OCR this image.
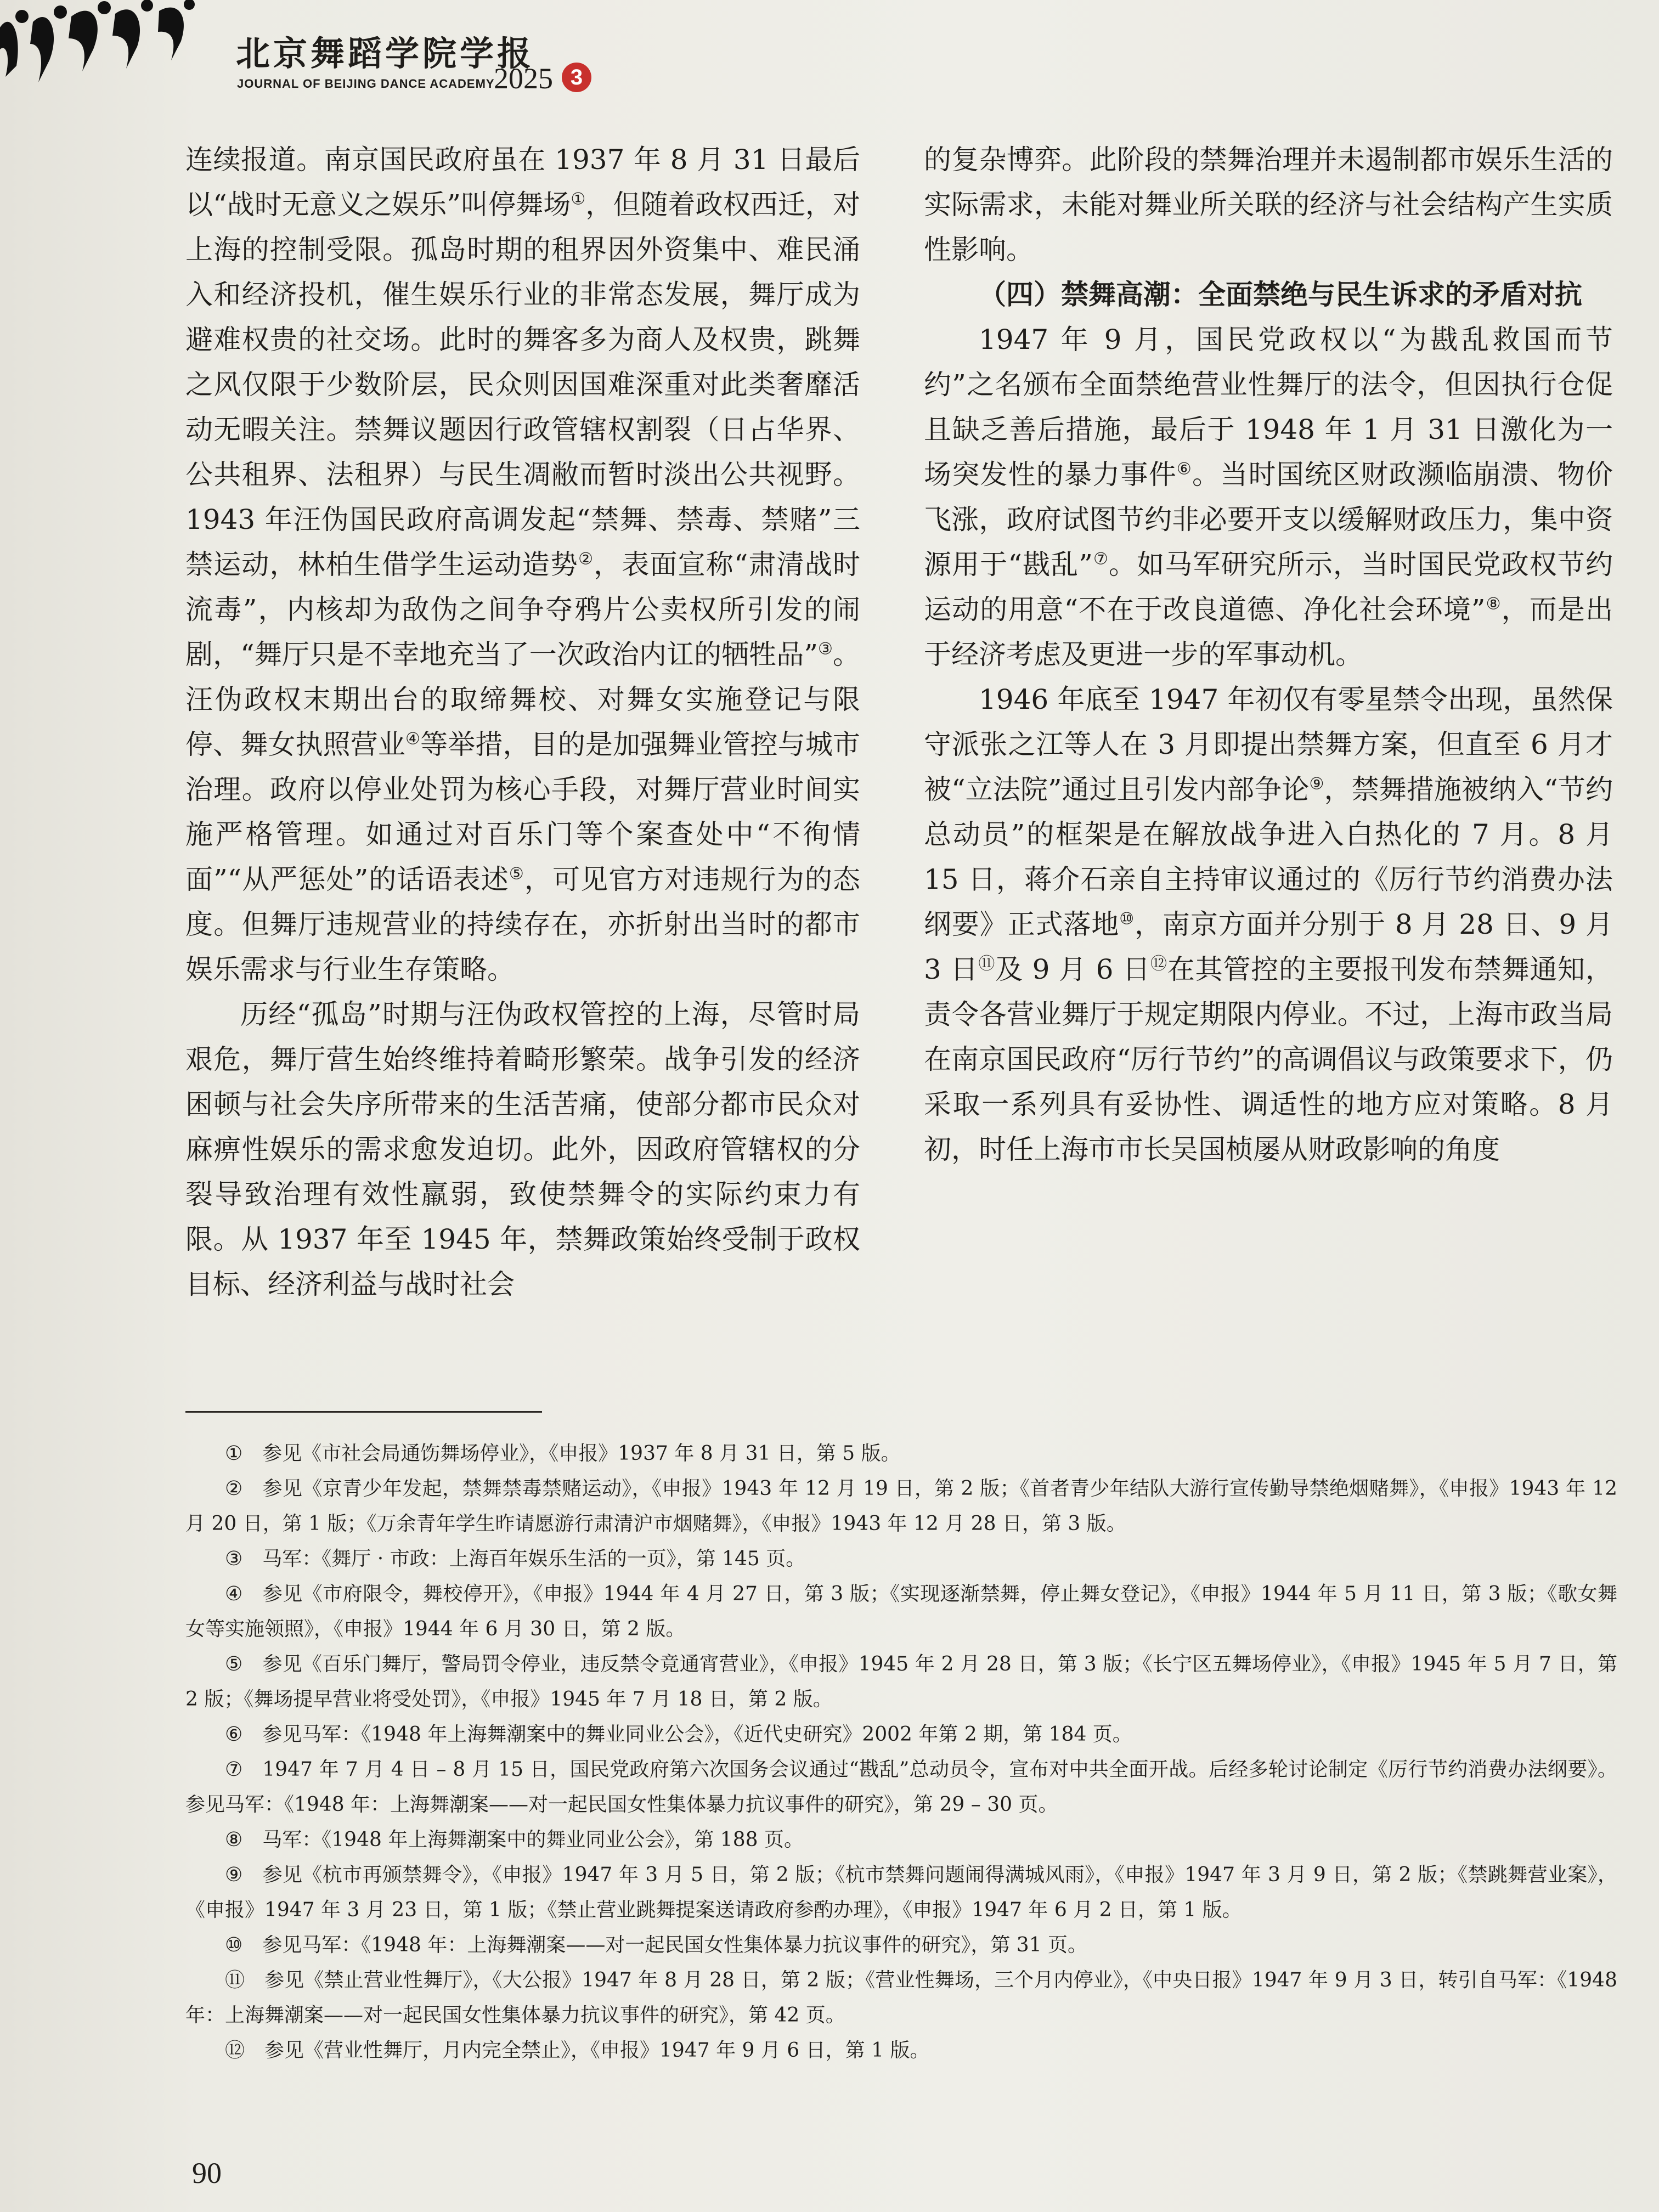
北京舞蹈学院学报
JOURNAL OF BEIJING DANCE ACADEMY
2025 3

连续报道。南京国民政府虽在 1937 年 8 月 31 日最后以“战时无意义之娱乐”叫停舞场①，但随着政权西迁，对上海的控制受限。孤岛时期的租界因外资集中、难民涌入和经济投机，催生娱乐行业的非常态发展，舞厅成为避难权贵的社交场。此时的舞客多为商人及权贵，跳舞之风仅限于少数阶层，民众则因国难深重对此类奢靡活动无暇关注。禁舞议题因行政管辖权割裂（日占华界、公共租界、法租界）与民生凋敝而暂时淡出公共视野。1943 年汪伪国民政府高调发起“禁舞、禁毒、禁赌”三禁运动，林柏生借学生运动造势②，表面宣称“肃清战时流毒”，内核却为敌伪之间争夺鸦片公卖权所引发的闹剧，“舞厅只是不幸地充当了一次政治内讧的牺牲品”③。汪伪政权末期出台的取缔舞校、对舞女实施登记与限停、舞女执照营业④等举措，目的是加强舞业管控与城市治理。政府以停业处罚为核心手段，对舞厅营业时间实施严格管理。如通过对百乐门等个案查处中“不徇情面”“从严惩处”的话语表述⑤，可见官方对违规行为的态度。但舞厅违规营业的持续存在，亦折射出当时的都市娱乐需求与行业生存策略。

历经“孤岛”时期与汪伪政权管控的上海，尽管时局艰危，舞厅营生始终维持着畸形繁荣。战争引发的经济困顿与社会失序所带来的生活苦痛，使部分都市民众对麻痹性娱乐的需求愈发迫切。此外，因政府管辖权的分裂导致治理有效性羸弱，致使禁舞令的实际约束力有限。从 1937 年至 1945 年，禁舞政策始终受制于政权目标、经济利益与战时社会

的复杂博弈。此阶段的禁舞治理并未遏制都市娱乐生活的实际需求，未能对舞业所关联的经济与社会结构产生实质性影响。

（四）禁舞高潮：全面禁绝与民生诉求的矛盾对抗

1947 年 9 月，国民党政权以“为戡乱救国而节约”之名颁布全面禁绝营业性舞厅的法令，但因执行仓促且缺乏善后措施，最后于 1948 年 1 月 31 日激化为一场突发性的暴力事件⑥。当时国统区财政濒临崩溃、物价飞涨，政府试图节约非必要开支以缓解财政压力，集中资源用于“戡乱”⑦。如马军研究所示，当时国民党政权节约运动的用意“不在于改良道德、净化社会环境”⑧，而是出于经济考虑及更进一步的军事动机。

1946 年底至 1947 年初仅有零星禁令出现，虽然保守派张之江等人在 3 月即提出禁舞方案，但直至 6 月才被“立法院”通过且引发内部争论⑨，禁舞措施被纳入“节约总动员”的框架是在解放战争进入白热化的 7 月。8 月 15 日，蒋介石亲自主持审议通过的《厉行节约消费办法纲要》正式落地⑩，南京方面并分别于 8 月 28 日、9 月 3 日⑪及 9 月 6 日⑫在其管控的主要报刊发布禁舞通知，责令各营业舞厅于规定期限内停业。不过，上海市政当局在南京国民政府“厉行节约”的高调倡议与政策要求下，仍采取一系列具有妥协性、调适性的地方应对策略。8 月初，时任上海市市长吴国桢屡从财政影响的角度

① 参见《市社会局通饬舞场停业》，《申报》1937 年 8 月 31 日，第 5 版。

② 参见《京青少年发起，禁舞禁毒禁赌运动》，《申报》1943 年 12 月 19 日，第 2 版；《首者青少年结队大游行宣传勤导禁绝烟赌舞》，《申报》1943 年 12 月 20 日，第 1 版；《万余青年学生昨请愿游行肃清沪市烟赌舞》，《申报》1943 年 12 月 28 日，第 3 版。

③ 马军：《舞厅 · 市政：上海百年娱乐生活的一页》，第 145 页。

④ 参见《市府限令，舞校停开》，《申报》1944 年 4 月 27 日，第 3 版；《实现逐渐禁舞，停止舞女登记》，《申报》1944 年 5 月 11 日，第 3 版；《歌女舞女等实施领照》，《申报》1944 年 6 月 30 日，第 2 版。

⑤ 参见《百乐门舞厅，警局罚令停业，违反禁令竟通宵营业》，《申报》1945 年 2 月 28 日，第 3 版；《长宁区五舞场停业》，《申报》1945 年 5 月 7 日，第 2 版；《舞场提早营业将受处罚》，《申报》1945 年 7 月 18 日，第 2 版。

⑥ 参见马军：《1948 年上海舞潮案中的舞业同业公会》，《近代史研究》2002 年第 2 期，第 184 页。

⑦ 1947 年 7 月 4 日 – 8 月 15 日，国民党政府第六次国务会议通过“戡乱”总动员令，宣布对中共全面开战。后经多轮讨论制定《厉行节约消费办法纲要》。参见马军：《1948 年：上海舞潮案——对一起民国女性集体暴力抗议事件的研究》，第 29 – 30 页。

⑧ 马军：《1948 年上海舞潮案中的舞业同业公会》，第 188 页。

⑨ 参见《杭市再颁禁舞令》，《申报》1947 年 3 月 5 日，第 2 版；《杭市禁舞问题闹得满城风雨》，《申报》1947 年 3 月 9 日，第 2 版；《禁跳舞营业案》，《申报》1947 年 3 月 23 日，第 1 版；《禁止营业跳舞提案送请政府参酌办理》，《申报》1947 年 6 月 2 日，第 1 版。

⑩ 参见马军：《1948 年：上海舞潮案——对一起民国女性集体暴力抗议事件的研究》，第 31 页。

⑪ 参见《禁止营业性舞厅》，《大公报》1947 年 8 月 28 日，第 2 版；《营业性舞场，三个月内停业》，《中央日报》1947 年 9 月 3 日，转引自马军：《1948 年：上海舞潮案——对一起民国女性集体暴力抗议事件的研究》，第 42 页。

⑫ 参见《营业性舞厅，月内完全禁止》，《申报》1947 年 9 月 6 日，第 1 版。

90
